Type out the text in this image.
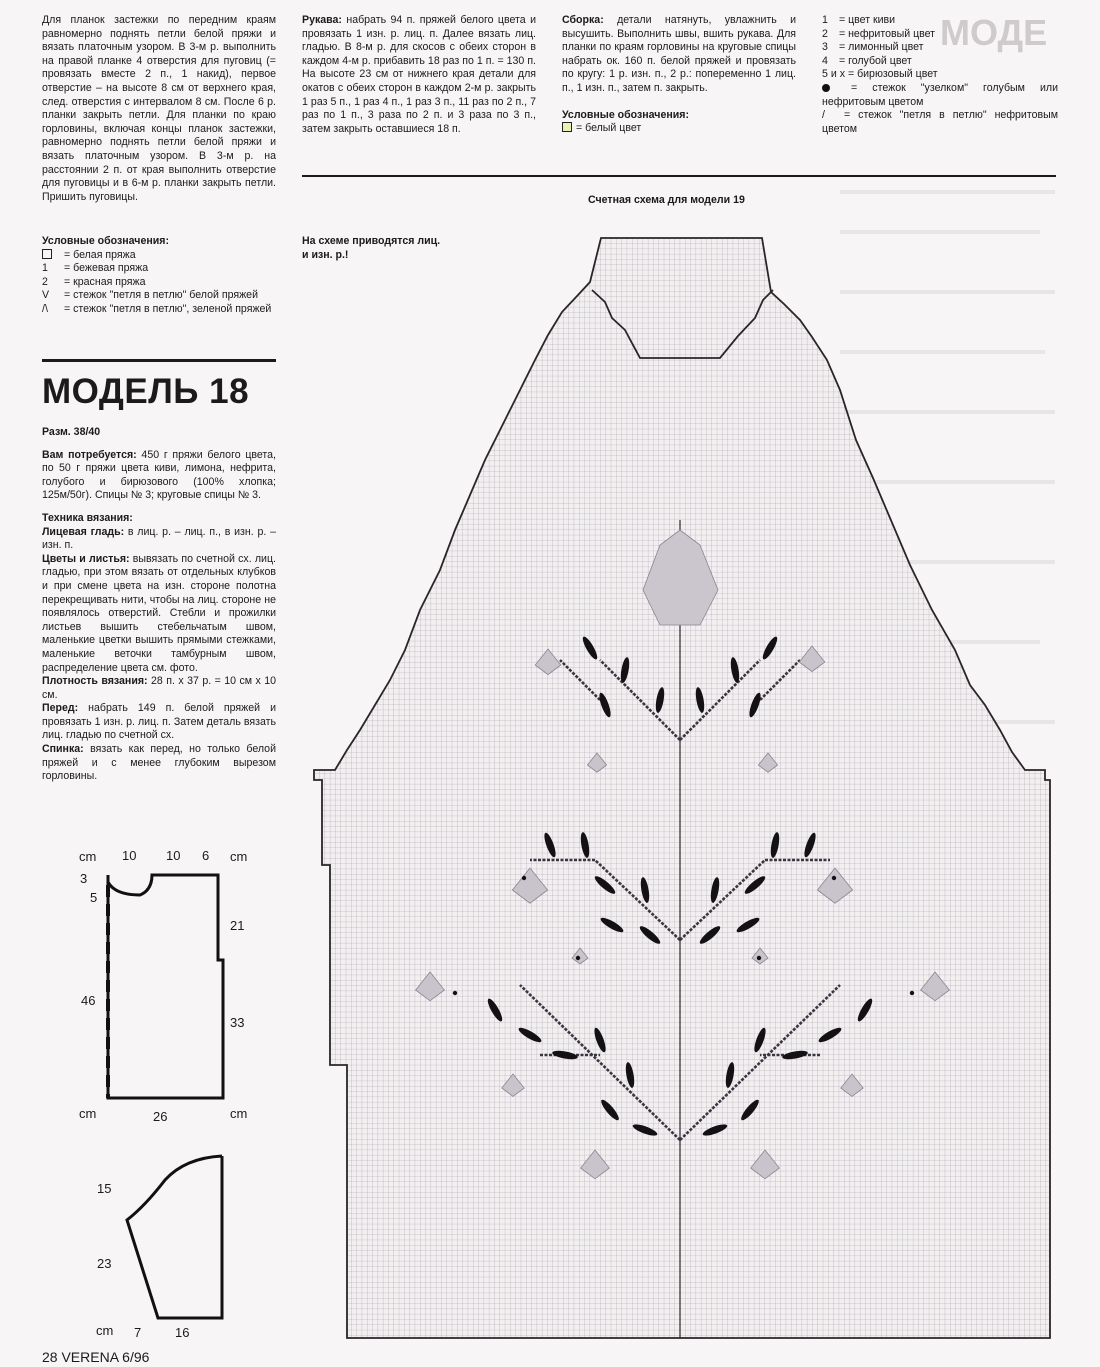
Для планок застежки по передним краям равномерно поднять петли белой пряжи и вязать платочным узором. В 3-м р. выполнить на правой планке 4 отверстия для пуговиц (= провязать вместе 2 п., 1 накид), первое отверстие – на высоте 8 см от верхнего края, след. отверстия с интервалом 8 см. После 6 р. планки закрыть петли. Для планки по краю горловины, включая концы планок застежки, равномерно поднять петли белой пряжи и вязать платочным узором. В 3-м р. на расстоянии 2 п. от края выполнить отверстие для пуговицы и в 6-м р. планки закрыть петли. Пришить пуговицы.
Условные обозначения:
= белая пряжа
1 = бежевая пряжа
2 = красная пряжа
V = стежок "петля в петлю" белой пряжей
/\ = стежок "петля в петлю", зеленой пряжей
МОДЕЛЬ 18
Разм. 38/40
Вам потребуется: 450 г пряжи белого цвета, по 50 г пряжи цвета киви, лимона, нефрита, голубого и бирюзового (100% хлопка; 125м/50г). Спицы № 3; круговые спицы № 3.
Техника вязания:
Лицевая гладь: в лиц. р. – лиц. п., в изн. р. – изн. п.
Цветы и листья: вывязать по счетной сх. лиц. гладью, при этом вязать от отдельных клубков и при смене цвета на изн. стороне полотна перекрещивать нити, чтобы на лиц. стороне не появлялось отверстий. Стебли и прожилки листьев вышить стебельчатым швом, маленькие цветки вышить прямыми стежками, маленькие веточки тамбурным швом, распределение цвета см. фото.
Плотность вязания: 28 п. х 37 р. = 10 см х 10 см.
Перед: набрать 149 п. белой пряжей и провязать 1 изн. р. лиц. п. Затем деталь вязать лиц. гладью по счетной сх.
Спинка: вязать как перед, но только белой пряжей и с менее глубоким вырезом горловины.
cm 10 10 6 cm
3
5
21
46
33
cm	26	cm
15
23
cm 7	16
28 VERENA 6/96
Рукава: набрать 94 п. пряжей белого цвета и провязать 1 изн. р. лиц. п. Далее вязать лиц. гладью. В 8-м р. для скосов с обеих сторон в каждом 4-м р. прибавить 18 раз по 1 п. = 130 п. На высоте 23 см от нижнего края детали для окатов с обеих сторон в каждом 2-м р. закрыть 1 раз 5 п., 1 раз 4 п., 1 раз 3 п., 11 раз по 2 п., 7 раз по 1 п., 3 раза по 2 п. и 3 раза по 3 п., затем закрыть оставшиеся 18 п.
Сборка: детали натянуть, увлажнить и высушить. Выполнить швы, вшить рукава. Для планки по краям горловины на круговые спицы набрать ок. 160 п. белой пряжей и провязать по кругу: 1 р. изн. п., 2 р.: попеременно 1 лиц. п., 1 изн. п., затем п. закрыть.
Условные обозначения:
= белый цвет
1 = цвет киви
2 = нефритовый цвет
3 = лимонный цвет
4 = голубой цвет
5 и х = бирюзовый цвет
= стежок "узелком" голубым или нефритовым цветом
/ = стежок "петля в петлю" нефритовым цветом
МОДЕ
Счетная схема для модели 19
На схеме приводятся лиц. и изн. р.!
